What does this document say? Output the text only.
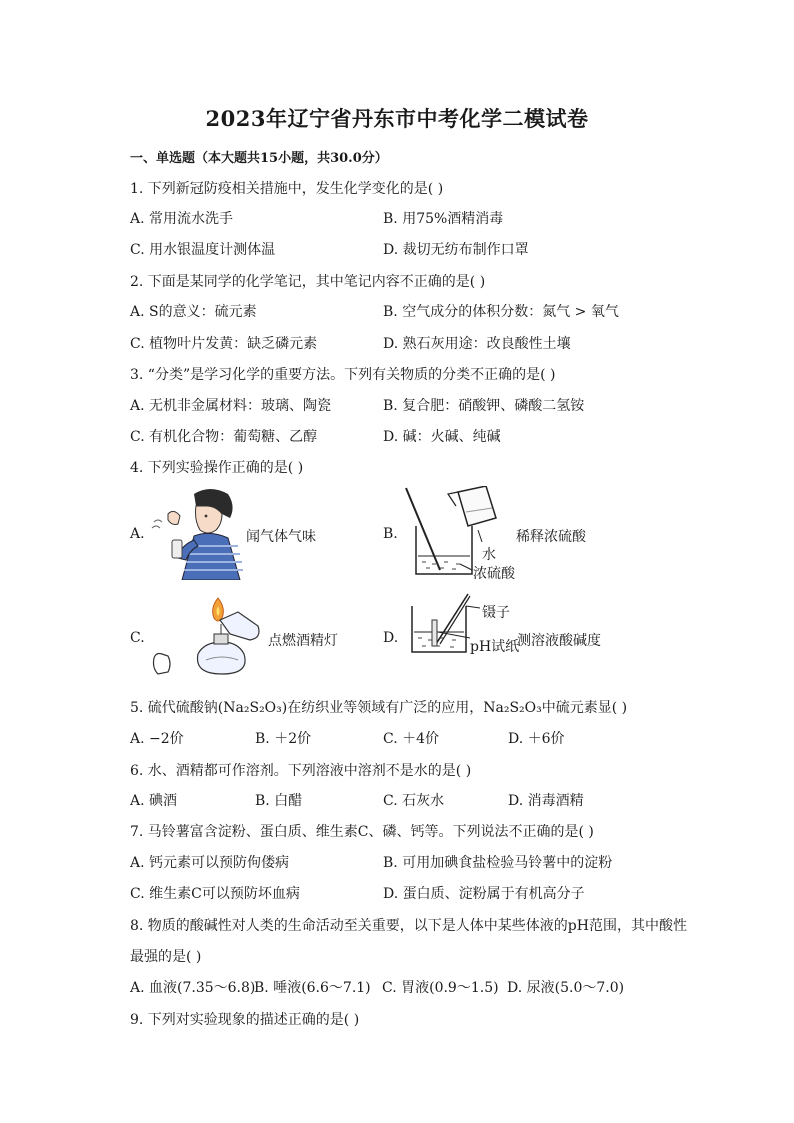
2023年辽宁省丹东市中考化学二模试卷
一、单选题（本大题共15小题，共30.0分）
1. 下列新冠防疫相关措施中，发生化学变化的是( )
A. 常用流水洗手	B. 用75%酒精消毒
C. 用水银温度计测体温	D. 裁切无纺布制作口罩
2. 下面是某同学的化学笔记，其中笔记内容不正确的是( )
A. S的意义：硫元素	B. 空气成分的体积分数：氮气 > 氧气
C. 植物叶片发黄：缺乏磷元素	D. 熟石灰用途：改良酸性土壤
3. “分类”是学习化学的重要方法。下列有关物质的分类不正确的是( )
A. 无机非金属材料：玻璃、陶瓷	B. 复合肥：硝酸钾、磷酸二氢铵
C. 有机化合物：葡萄糖、乙醇	D. 碱：火碱、纯碱
4. 下列实验操作正确的是( )
A.	闻气体气味	B.	稀释浓硫酸
水
浓硫酸
C.	点燃酒精灯	D.
镊子
pH试纸
测溶液酸碱度
5. 硫代硫酸钠(Na₂S₂O₃)在纺织业等领域有广泛的应用，Na₂S₂O₃中硫元素显( )
A. −2价	B. ＋2价	C. ＋4价	D. ＋6价
6. 水、酒精都可作溶剂。下列溶液中溶剂不是水的是( )
A. 碘酒	B. 白醋	C. 石灰水	D. 消毒酒精
7. 马铃薯富含淀粉、蛋白质、维生素C、磷、钙等。下列说法不正确的是( )
A. 钙元素可以预防佝偻病	B. 可用加碘食盐检验马铃薯中的淀粉
C. 维生素C可以预防坏血病	D. 蛋白质、淀粉属于有机高分子
8. 物质的酸碱性对人类的生命活动至关重要，以下是人体中某些体液的pH范围，其中酸性
最强的是( )
A. 血液(7.35～6.8)
B. 唾液(6.6～7.1) C. 胃液(0.9～1.5) D. 尿液(5.0～7.0)
9. 下列对实验现象的描述正确的是( )
